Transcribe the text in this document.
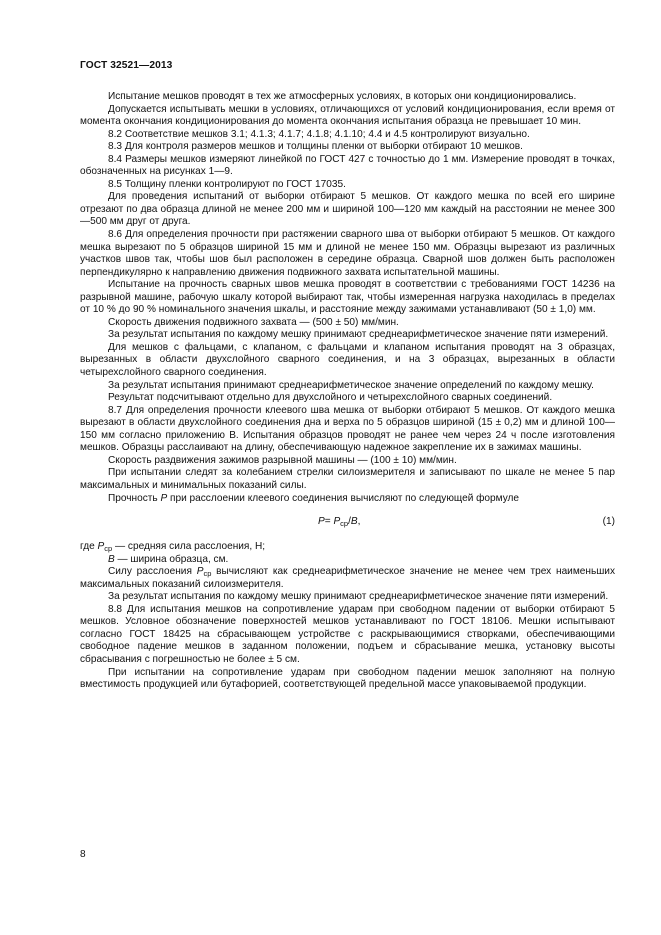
ГОСТ 32521—2013

Испытание мешков проводят в тех же атмосферных условиях, в которых они кондиционировались.

Допускается испытывать мешки в условиях, отличающихся от условий кондиционирования, если время от момента окончания кондиционирования до момента окончания испытания образца не превышает 10 мин.

8.2 Соответствие мешков 3.1; 4.1.3; 4.1.7; 4.1.8; 4.1.10; 4.4 и 4.5 контролируют визуально.

8.3 Для контроля размеров мешков и толщины пленки от выборки отбирают 10 мешков.

8.4 Размеры мешков измеряют линейкой по ГОСТ 427 с точностью до 1 мм. Измерение проводят в точках, обозначенных на рисунках 1—9.

8.5 Толщину пленки контролируют по ГОСТ 17035.

Для проведения испытаний от выборки отбирают 5 мешков. От каждого мешка по всей его ширине отрезают по два образца длиной не менее 200 мм и шириной 100—120 мм каждый на расстоянии не менее 300—500 мм друг от друга.

8.6 Для определения прочности при растяжении сварного шва от выборки отбирают 5 мешков. От каждого мешка вырезают по 5 образцов шириной 15 мм и длиной не менее 150 мм. Образцы вырезают из различных участков швов так, чтобы шов был расположен в середине образца. Сварной шов должен быть расположен перпендикулярно к направлению движения подвижного захвата испытательной машины.

Испытание на прочность сварных швов мешка проводят в соответствии с требованиями ГОСТ 14236 на разрывной машине, рабочую шкалу которой выбирают так, чтобы измеренная нагрузка находилась в пределах от 10 % до 90 % номинального значения шкалы, и расстояние между зажимами устанавливают (50 ± 1,0) мм.

Скорость движения подвижного захвата — (500 ± 50) мм/мин.

За результат испытания по каждому мешку принимают среднеарифметическое значение пяти измерений.

Для мешков с фальцами, с клапаном, с фальцами и клапаном испытания проводят на 3 образцах, вырезанных в области двухслойного сварного соединения, и на 3 образцах, вырезанных в области четырехслойного сварного соединения.

За результат испытания принимают среднеарифметическое значение определений по каждому мешку.

Результат подсчитывают отдельно для двухслойного и четырехслойного сварных соединений.

8.7 Для определения прочности клеевого шва мешка от выборки отбирают 5 мешков. От каждого мешка вырезают в области двухслойного соединения дна и верха по 5 образцов шириной (15 ± 0,2) мм и длиной 100—150 мм согласно приложению В. Испытания образцов проводят не ранее чем через 24 ч после изготовления мешков. Образцы расслаивают на длину, обеспечивающую надежное закрепление их в зажимах машины.

Скорость раздвижения зажимов разрывной машины — (100 ± 10) мм/мин.

При испытании следят за колебанием стрелки силоизмерителя и записывают по шкале не менее 5 пар максимальных и минимальных показаний силы.

Прочность P при расслоении клеевого соединения вычисляют по следующей формуле

$P= P_{ср}/B$,	(1)

где $P_{ср}$ — средняя сила расслоения, Н;

B — ширина образца, см.

Силу расслоения $P_{ср}$ вычисляют как среднеарифметическое значение не менее чем трех наименьших максимальных показаний силоизмерителя.

За результат испытания по каждому мешку принимают среднеарифметическое значение пяти измерений.

8.8 Для испытания мешков на сопротивление ударам при свободном падении от выборки отбирают 5 мешков. Условное обозначение поверхностей мешков устанавливают по ГОСТ 18106. Мешки испытывают согласно ГОСТ 18425 на сбрасывающем устройстве с раскрывающимися створками, обеспечивающими свободное падение мешков в заданном положении, подъем и сбрасывание мешка, установку высоты сбрасывания с погрешностью не более ± 5 см.

При испытании на сопротивление ударам при свободном падении мешок заполняют на полную вместимость продукцией или бутафорией, соответствующей предельной массе упаковываемой продукции.

8
